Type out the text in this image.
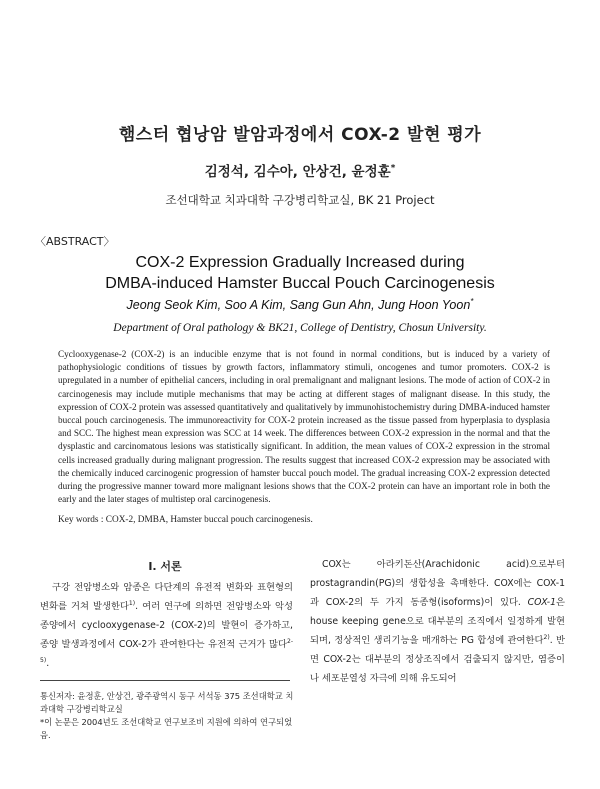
햄스터 협낭암 발암과정에서 COX-2 발현 평가
김정석, 김수아, 안상건, 윤정훈*
조선대학교 치과대학 구강병리학교실, BK 21 Project
〈ABSTRACT〉
COX-2 Expression Gradually Increased during
DMBA-induced Hamster Buccal Pouch Carcinogenesis
Jeong Seok Kim, Soo A Kim, Sang Gun Ahn, Jung Hoon Yoon*
Department of Oral pathology & BK21, College of Dentistry, Chosun University.
Cyclooxygenase-2 (COX-2) is an inducible enzyme that is not found in normal conditions, but is induced by a variety of pathophysiologic conditions of tissues by growth factors, inflammatory stimuli, oncogenes and tumor promoters. COX-2 is upregulated in a number of epithelial cancers, including in oral premalignant and malignant lesions. The mode of action of COX-2 in carcinogenesis may include mutiple mechanisms that may be acting at different stages of malignant disease. In this study, the expression of COX-2 protein was assessed quantitatively and qualitatively by immunohistochemistry during DMBA-induced hamster buccal pouch carcinogenesis. The immunoreactivity for COX-2 protein increased as the tissue passed from hyperplasia to dysplasia and SCC. The highest mean expression was SCC at 14 week. The differences between COX-2 expression in the normal and that the dysplastic and carcinomatous lesions was statistically significant. In addition, the mean values of COX-2 expression in the stromal cells increased gradually during malignant progression. The results suggest that increased COX-2 expression may be associated with the chemically induced carcinogenic progression of hamster buccal pouch model. The gradual increasing COX-2 expression detected during the progressive manner toward more malignant lesions shows that the COX-2 protein can have an important role in both the early and the later stages of multistep oral carcinogenesis.
Key words : COX-2, DMBA, Hamster buccal pouch carcinogenesis.
I. 서론

구강 전암병소와 암종은 다단계의 유전적 변화와 표현형의 변화를 거쳐 발생한다$^{1)}$. 여러 연구에 의하면 전암병소와 악성종양에서 cyclooxygenase-2 (COX-2)의 발현이 증가하고, 종양 발생과정에서 COX-2가 관여한다는 유전적 근거가 많다$^{2-5)}$.

COX는 아라키돈산(Arachidonic acid)으로부터 prostagrandin(PG)의 생합성을 촉매한다. COX에는 COX-1과 COX-2의 두 가지 동종형(isoforms)이 있다. COX-1은 house keeping gene으로 대부분의 조직에서 일정하게 발현되며, 정상적인 생리기능을 매개하는 PG 합성에 관여한다$^{2)}$. 반면 COX-2는 대부분의 정상조직에서 검출되지 않지만, 염증이나 세포분열성 자극에 의해 유도되어

통신저자: 윤정훈, 안상건, 광주광역시 동구 서석동 375 조선대학교 치과대학 구강병리학교실
*이 논문은 2004년도 조선대학교 연구보조비 지원에 의하여 연구되었음.
